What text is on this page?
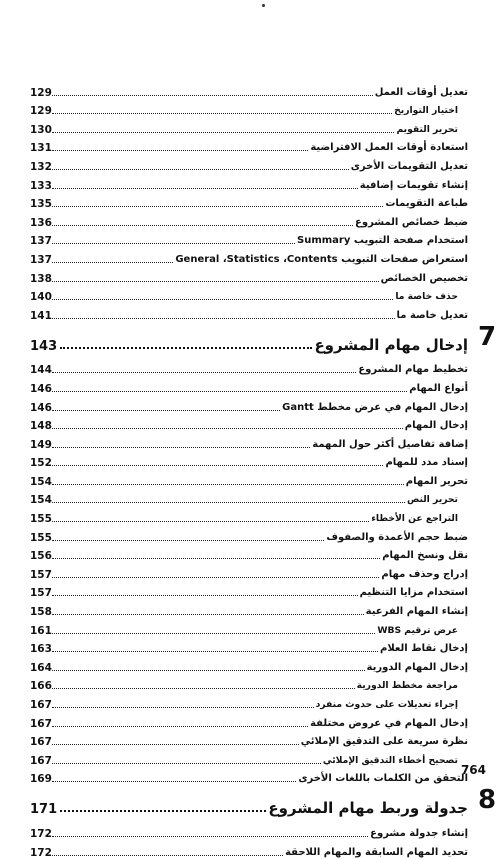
تعديل أوقات العمل
129
اختيار التواريخ
129
تحرير التقويم
130
استعادة أوقات العمل الافتراضية
131
تعديل التقويمات الأخرى
132
إنشاء تقويمات إضافية
133
طباعة التقويمات
135
ضبط خصائص المشروع
136
استخدام صفحة التبويب Summary
137
استعراض صفحات التبويب General ،Statistics ،Contents
137
تخصيص الخصائص
138
حذف خاصة ما
140
تعديل خاصة ما
141
7
إدخال مهام المشروع
143
تخطيط مهام المشروع
144
أنواع المهام
146
إدخال المهام في عرض مخطط Gantt
146
إدخال المهام
148
إضافة تفاصيل أكثر حول المهمة
149
إسناد مدد للمهام
152
تحرير المهام
154
تحرير النص
154
التراجع عن الأخطاء
155
ضبط حجم الأعمدة والصفوف
155
نقل ونسخ المهام
156
إدراج وحذف مهام
157
استخدام مزايا التنظيم
157
إنشاء المهام الفرعية
158
عرض ترقيم WBS
161
إدخال نقاط العلام
163
إدخال المهام الدورية
164
مراجعة مخطط الدورية
166
إجراء تعديلات على حدوث منفرد
167
إدخال المهام في عروض مختلفة
167
نظرة سريعة على التدقيق الإملائي
167
تصحيح أخطاء التدقيق الإملائي
167
التحقق من الكلمات باللغات الأخرى
169
8
جدولة وربط مهام المشروع
171
إنشاء جدولة مشروع
172
تحديد المهام السابقة والمهام اللاحقة
172
764
